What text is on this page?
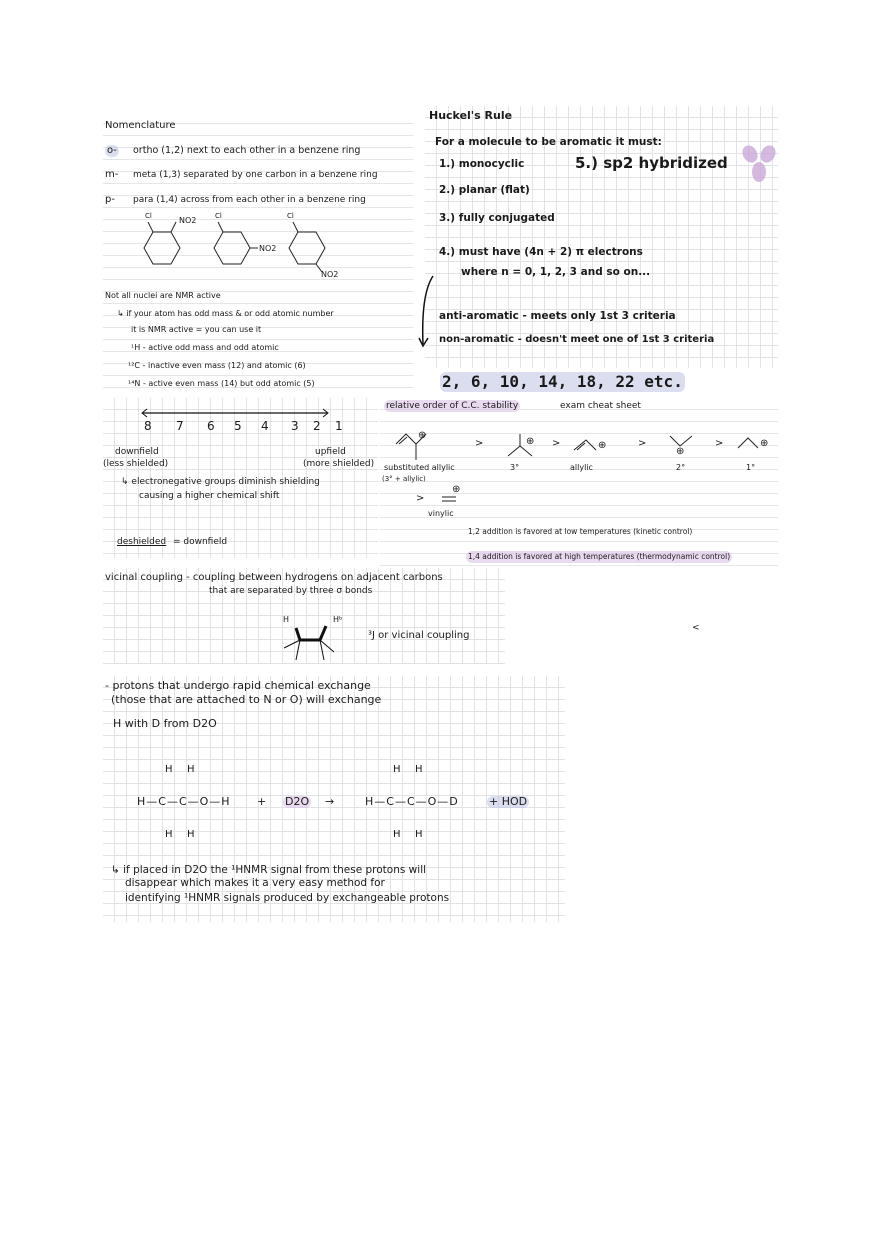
Nomenclature
o- ortho (1,2) next to each other in a benzene ring
m- meta (1,3) separated by one carbon in a benzene ring
p- para (1,4) across from each other in a benzene ring
Cl	NO2	Cl
NO2
Cl
NO2
Not all nuclei are NMR active
↳ if your atom has odd mass & or odd atomic number
it is NMR active = you can use it
¹H - active odd mass and odd atomic
¹²C - inactive even mass (12) and atomic (6)
¹⁴N - active even mass (14) but odd atomic (5)
Huckel's Rule
For a molecule to be aromatic it must:
1.) monocyclic	5.) sp2 hybridized
2.) planar (flat)
3.) fully conjugated
4.) must have (4n + 2) π electrons
where n = 0, 1, 2, 3 and so on...
anti-aromatic - meets only 1st 3 criteria
non-aromatic - doesn't meet one of 1st 3 criteria
2, 6, 10, 14, 18, 22 etc.
8 7 6 5 4 3 2 1
downfield
(less shielded)
upfield
(more shielded)
↳ electronegative groups diminish shielding
causing a higher chemical shift
deshielded = downfield
relative order of C.C. stability	exam cheat sheet
⊕
>	⊕ >	⊕	>
⊕
>	⊕
substituted allylic
(3° + allylic)
3°	allylic	2°	1°
>
⊕
vinylic
1,2 addition is favored at low temperatures (kinetic control)
1,4 addition is favored at high temperatures (thermodynamic control)
vicinal coupling - coupling between hydrogens on adjacent carbons
that are separated by three σ bonds
H	Hᵇ
³J or vicinal coupling
<
- protons that undergo rapid chemical exchange
(those that are attached to N or O) will exchange
H with D from D2O
H H
H—C—C—O—H
H H
+ D2O →
H H
H—C—C—O—D
H H
+ HOD
↳ if placed in D2O the ¹HNMR signal from these protons will
disappear which makes it a very easy method for
identifying ¹HNMR signals produced by exchangeable protons
